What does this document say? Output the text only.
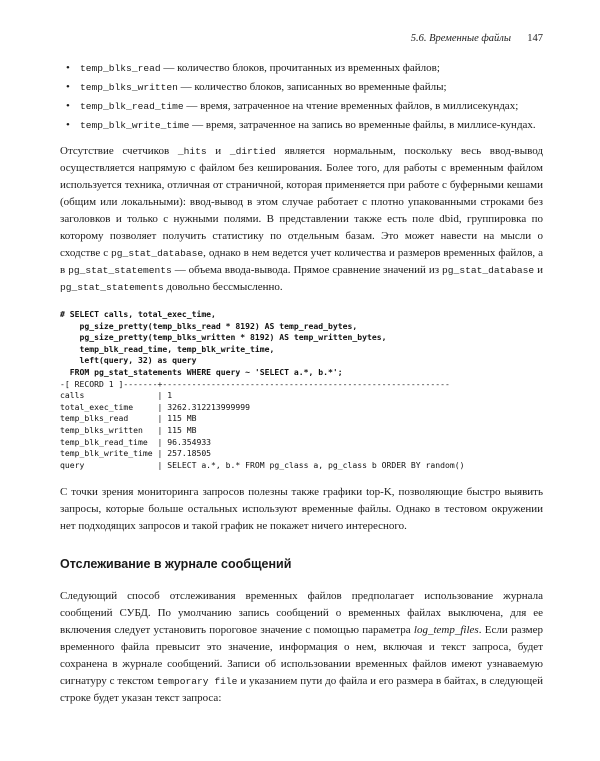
5.6. Временные файлы 147
• temp_blks_read — количество блоков, прочитанных из временных файлов;
• temp_blks_written — количество блоков, записанных во временные файлы;
• temp_blk_read_time — время, затраченное на чтение временных файлов, в миллисекундах;
• temp_blk_write_time — время, затраченное на запись во временные файлы, в миллисе-кундах.

Отсутствие счетчиков _hits и _dirtied является нормальным, поскольку весь ввод-вывод осуществляется напрямую с файлом без кеширования. Более того, для работы с временным файлом используется техника, отличная от страничной, которая применяется при работе с буферными кешами (общим или локальными): ввод-вывод в этом случае работает с плотно упакованными строками без заголовков и только с нужными полями. В представлении также есть поле dbid, группировка по которому позволяет получить статистику по отдельным базам. Это может навести на мысли о сходстве с pg_stat_database, однако в нем ведется учет количества и размеров временных файлов, а в pg_stat_statements — объема ввода-вывода. Прямое сравнение значений из pg_stat_database и pg_stat_statements довольно бессмысленно.

# SELECT calls, total_exec_time,
pg_size_pretty(temp_blks_read * 8192) AS temp_read_bytes,
pg_size_pretty(temp_blks_written * 8192) AS temp_written_bytes,
temp_blk_read_time, temp_blk_write_time,
left(query, 32) as query
FROM pg_stat_statements WHERE query ~ 'SELECT a.*, b.*';
-[ RECORD 1 ]-------+-----------------------------------------------------------
calls               | 1
total_exec_time     | 3262.312213999999
temp_blks_read      | 115 MB
temp_blks_written   | 115 MB
temp_blk_read_time  | 96.354933
temp_blk_write_time | 257.18505
query               | SELECT a.*, b.* FROM pg_class a, pg_class b ORDER BY random()

С точки зрения мониторинга запросов полезны также графики top-K, позволяющие быстро выявить запросы, которые больше остальных используют временные файлы. Однако в тестовом окружении нет подходящих запросов и такой график не покажет ничего интересного.

Отслеживание в журнале сообщений

Следующий способ отслеживания временных файлов предполагает использование журнала сообщений СУБД. По умолчанию запись сообщений о временных файлах выключена, для ее включения следует установить пороговое значение с помощью параметра log_temp_files. Если размер временного файла превысит это значение, информация о нем, включая и текст запроса, будет сохранена в журнале сообщений. Записи об использовании временных файлов имеют узнаваемую сигнатуру с текстом temporary file и указанием пути до файла и его размера в байтах, в следующей строке будет указан текст запроса:
